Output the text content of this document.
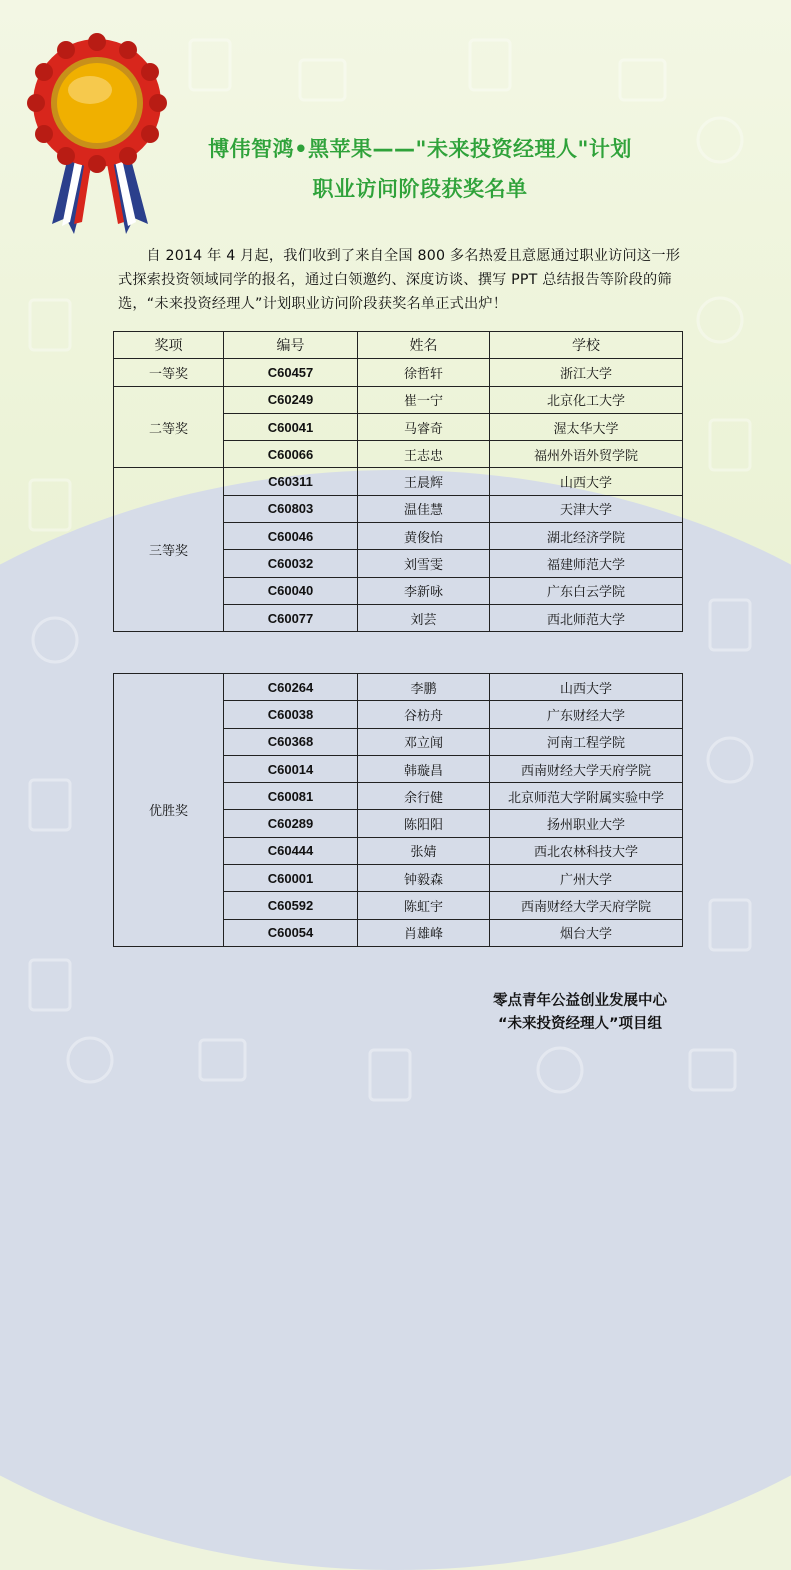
博伟智鸿•黑苹果——"未来投资经理人"计划
职业访问阶段获奖名单
自 2014 年 4 月起，我们收到了来自全国 800 多名热爱且意愿通过职业访问这一形式探索投资领域同学的报名，通过白领邀约、深度访谈、撰写 PPT 总结报告等阶段的筛选，“未来投资经理人”计划职业访问阶段获奖名单正式出炉！
奖项	编号	姓名	学校
一等奖	C60457	徐哲轩	浙江大学
二等奖	C60249	崔一宁	北京化工大学
	C60041	马睿奇	渥太华大学
	C60066	王志忠	福州外语外贸学院
三等奖	C60311	王晨辉	山西大学
	C60803	温佳慧	天津大学
	C60046	黄俊怡	湖北经济学院
	C60032	刘雪雯	福建师范大学
	C60040	李新咏	广东白云学院
	C60077	刘芸	西北师范大学
优胜奖	C60264	李鹏	山西大学
	C60038	谷枋舟	广东财经大学
	C60368	邓立闻	河南工程学院
	C60014	韩璇昌	西南财经大学天府学院
	C60081	余行健	北京师范大学附属实验中学
	C60289	陈阳阳	扬州职业大学
	C60444	张婧	西北农林科技大学
	C60001	钟毅森	广州大学
	C60592	陈虹宇	西南财经大学天府学院
	C60054	肖雄峰	烟台大学
零点青年公益创业发展中心
“未来投资经理人”项目组
